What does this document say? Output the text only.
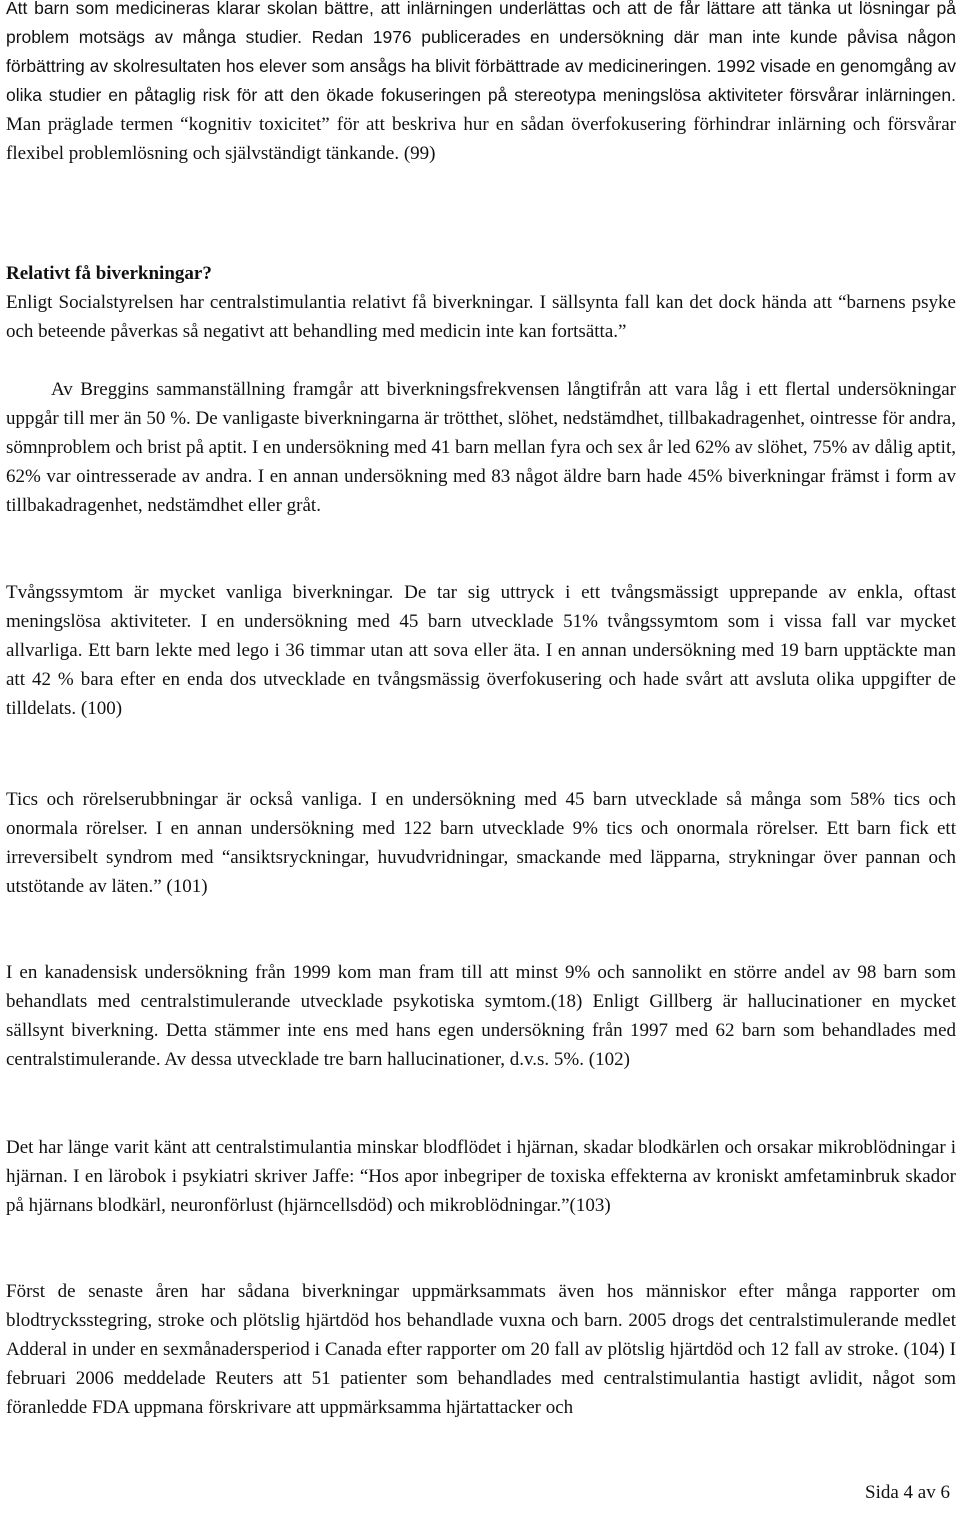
Att barn som medicineras klarar skolan bättre, att inlärningen underlättas och att de får lättare att tänka ut lösningar på problem motsägs av många studier. Redan 1976 publicerades en undersökning där man inte kunde påvisa någon förbättring av skolresultaten hos elever som ansågs ha blivit förbättrade av medicineringen. 1992 visade en genomgång av olika studier en påtaglig risk för att den ökade fokuseringen på stereotypa meningslösa aktiviteter försvårar inlärningen. Man präglade termen “kognitiv toxicitet” för att beskriva hur en sådan överfokusering förhindrar inlärning och försvårar flexibel problemlösning och självständigt tänkande. (99)

Relativt få biverkningar?

Enligt Socialstyrelsen har centralstimulantia relativt få biverkningar. I sällsynta fall kan det dock hända att “barnens psyke och beteende påverkas så negativt att behandling med medicin inte kan fortsätta.”

Av Breggins sammanställning framgår att biverkningsfrekvensen långtifrån att vara låg i ett flertal undersökningar uppgår till mer än 50 %. De vanligaste biverkningarna är trötthet, slöhet, nedstämdhet, tillbakadragenhet, ointresse för andra, sömnproblem och brist på aptit. I en undersökning med 41 barn mellan fyra och sex år led 62% av slöhet, 75% av dålig aptit, 62% var ointresserade av andra. I en annan undersökning med 83 något äldre barn hade 45% biverkningar främst i form av tillbakadragenhet, nedstämdhet eller gråt.

Tvångssymtom är mycket vanliga biverkningar. De tar sig uttryck i ett tvångsmässigt upprepande av enkla, oftast meningslösa aktiviteter. I en undersökning med 45 barn utvecklade 51% tvångssymtom som i vissa fall var mycket allvarliga. Ett barn lekte med lego i 36 timmar utan att sova eller äta. I en annan undersökning med 19 barn upptäckte man att 42 % bara efter en enda dos utvecklade en tvångsmässig överfokusering och hade svårt att avsluta olika uppgifter de tilldelats. (100)

Tics och rörelserubbningar är också vanliga. I en undersökning med 45 barn utvecklade så många som 58% tics och onormala rörelser. I en annan undersökning med 122 barn utvecklade 9% tics och onormala rörelser. Ett barn fick ett irreversibelt syndrom med “ansiktsryckningar, huvudvridningar, smackande med läpparna, strykningar över pannan och utstötande av läten.” (101)

I en kanadensisk undersökning från 1999 kom man fram till att minst 9% och sannolikt en större andel av 98 barn som behandlats med centralstimulerande utvecklade psykotiska symtom.(18) Enligt Gillberg är hallucinationer en mycket sällsynt biverkning. Detta stämmer inte ens med hans egen undersökning från 1997 med 62 barn som behandlades med centralstimulerande. Av dessa utvecklade tre barn hallucinationer, d.v.s. 5%. (102)

Det har länge varit känt att centralstimulantia minskar blodflödet i hjärnan, skadar blodkärlen och orsakar mikroblödningar i hjärnan. I en lärobok i psykiatri skriver Jaffe: “Hos apor inbegriper de toxiska effekterna av kroniskt amfetaminbruk skador på hjärnans blodkärl, neuronförlust (hjärncellsdöd) och mikroblödningar.”(103)

Först de senaste åren har sådana biverkningar uppmärksammats även hos människor efter många rapporter om blodtrycksstegring, stroke och plötslig hjärtdöd hos behandlade vuxna och barn. 2005 drogs det centralstimulerande medlet Adderal in under en sexmånadersperiod i Canada efter rapporter om 20 fall av plötslig hjärtdöd och 12 fall av stroke. (104) I februari 2006 meddelade Reuters att 51 patienter som behandlades med centralstimulantia hastigt avlidit, något som föranledde FDA uppmana förskrivare att uppmärksamma hjärtattacker och

Sida 4 av 6
